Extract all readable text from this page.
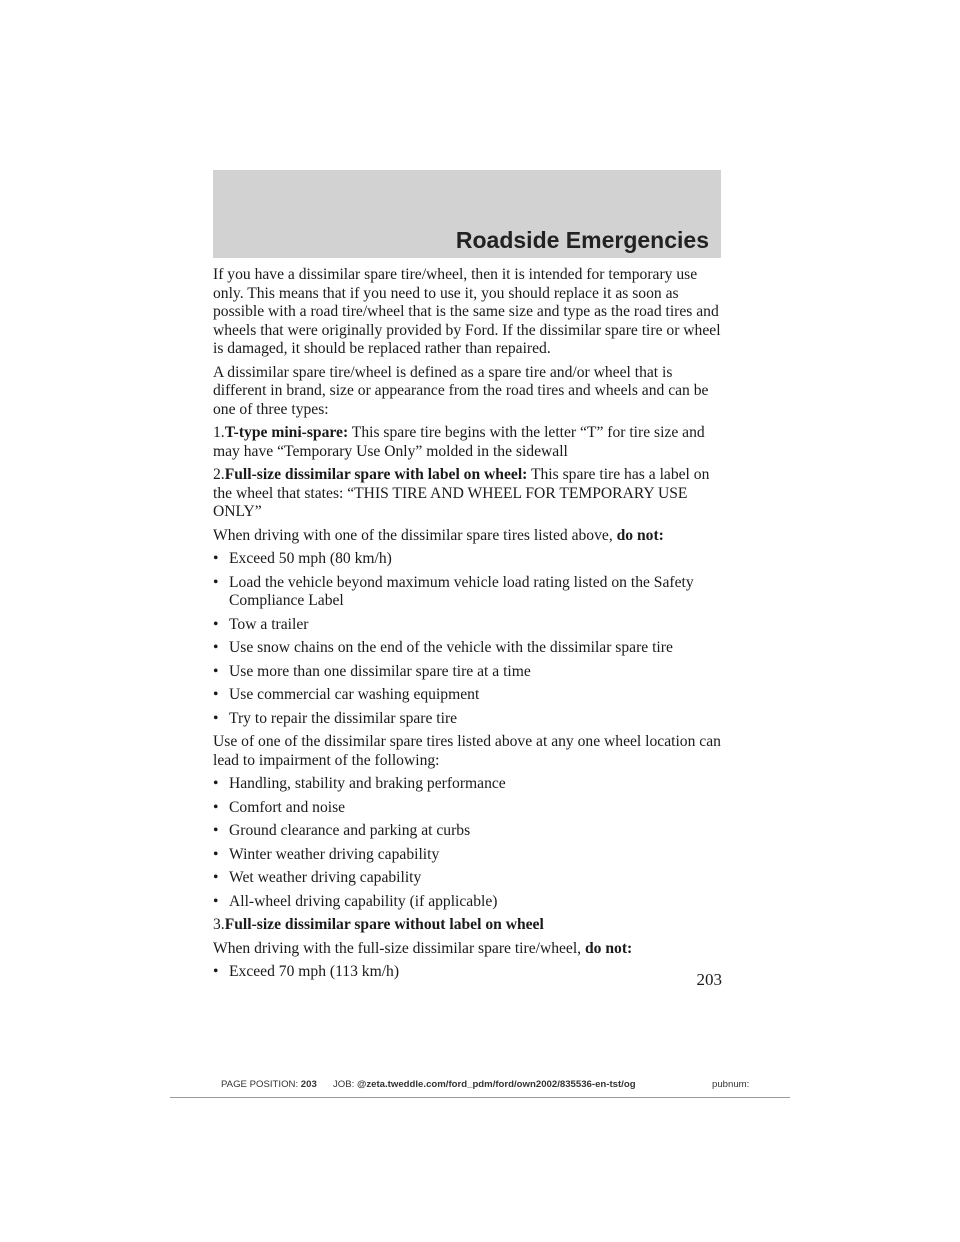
Roadside Emergencies

If you have a dissimilar spare tire/wheel, then it is intended for temporary use only. This means that if you need to use it, you should replace it as soon as possible with a road tire/wheel that is the same size and type as the road tires and wheels that were originally provided by Ford. If the dissimilar spare tire or wheel is damaged, it should be replaced rather than repaired.

A dissimilar spare tire/wheel is defined as a spare tire and/or wheel that is different in brand, size or appearance from the road tires and wheels and can be one of three types:

1.T-type mini-spare: This spare tire begins with the letter “T” for tire size and may have “Temporary Use Only” molded in the sidewall

2.Full-size dissimilar spare with label on wheel: This spare tire has a label on the wheel that states: “THIS TIRE AND WHEEL FOR TEMPORARY USE ONLY”

When driving with one of the dissimilar spare tires listed above, do not:

• Exceed 50 mph (80 km/h)
• Load the vehicle beyond maximum vehicle load rating listed on the Safety Compliance Label
• Tow a trailer
• Use snow chains on the end of the vehicle with the dissimilar spare tire
• Use more than one dissimilar spare tire at a time
• Use commercial car washing equipment
• Try to repair the dissimilar spare tire

Use of one of the dissimilar spare tires listed above at any one wheel location can lead to impairment of the following:

• Handling, stability and braking performance
• Comfort and noise
• Ground clearance and parking at curbs
• Winter weather driving capability
• Wet weather driving capability
• All-wheel driving capability (if applicable)

3.Full-size dissimilar spare without label on wheel

When driving with the full-size dissimilar spare tire/wheel, do not:

• Exceed 70 mph (113 km/h)	203
PAGE POSITION: 203 JOB: @zeta.tweddle.com/ford_pdm/ford/own2002/835536-en-tst/og	pubnum:
